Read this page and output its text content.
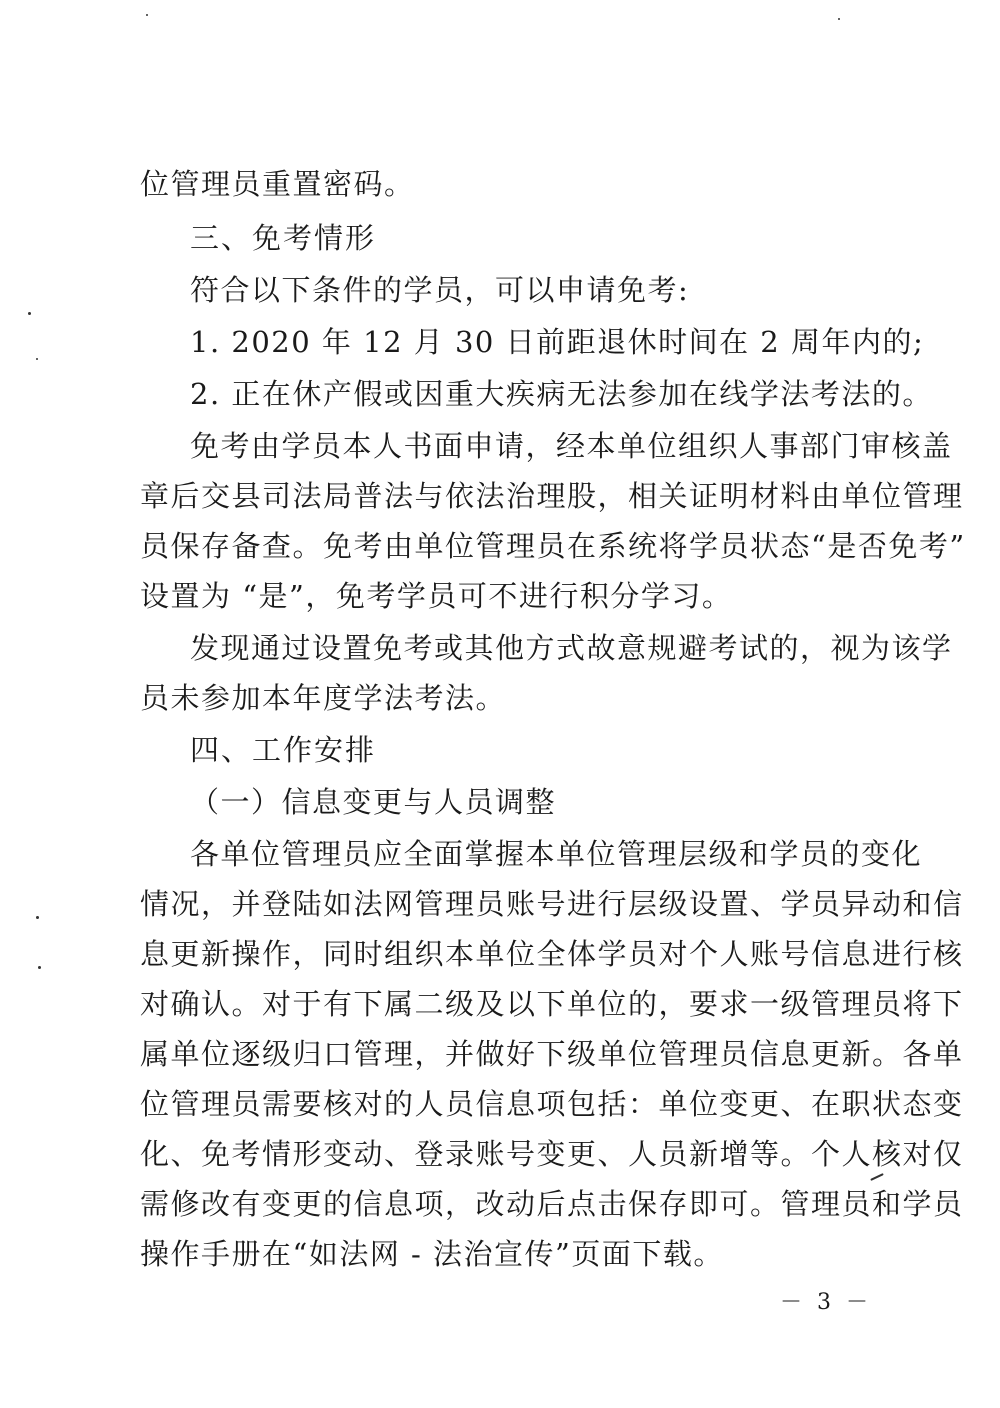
位管理员重置密码。
三、免考情形
符合以下条件的学员，可以申请免考:
1. 2020 年 12 月 30 日前距退休时间在 2 周年内的;
2. 正在休产假或因重大疾病无法参加在线学法考法的。
免考由学员本人书面申请，经本单位组织人事部门审核盖
章后交县司法局普法与依法治理股，相关证明材料由单位管理
员保存备查。免考由单位管理员在系统将学员状态“是否免考”
设置为 “是”，免考学员可不进行积分学习。
发现通过设置免考或其他方式故意规避考试的，视为该学
员未参加本年度学法考法。
四、工作安排
（一）信息变更与人员调整
各单位管理员应全面掌握本单位管理层级和学员的变化
情况，并登陆如法网管理员账号进行层级设置、学员异动和信
息更新操作，同时组织本单位全体学员对个人账号信息进行核
对确认。对于有下属二级及以下单位的，要求一级管理员将下
属单位逐级归口管理，并做好下级单位管理员信息更新。各单
位管理员需要核对的人员信息项包括：单位变更、在职状态变
化、免考情形变动、登录账号变更、人员新增等。个人核对仅
需修改有变更的信息项，改动后点击保存即可。管理员和学员
操作手册在“如法网 - 法治宣传”页面下载。
－ 3 －
